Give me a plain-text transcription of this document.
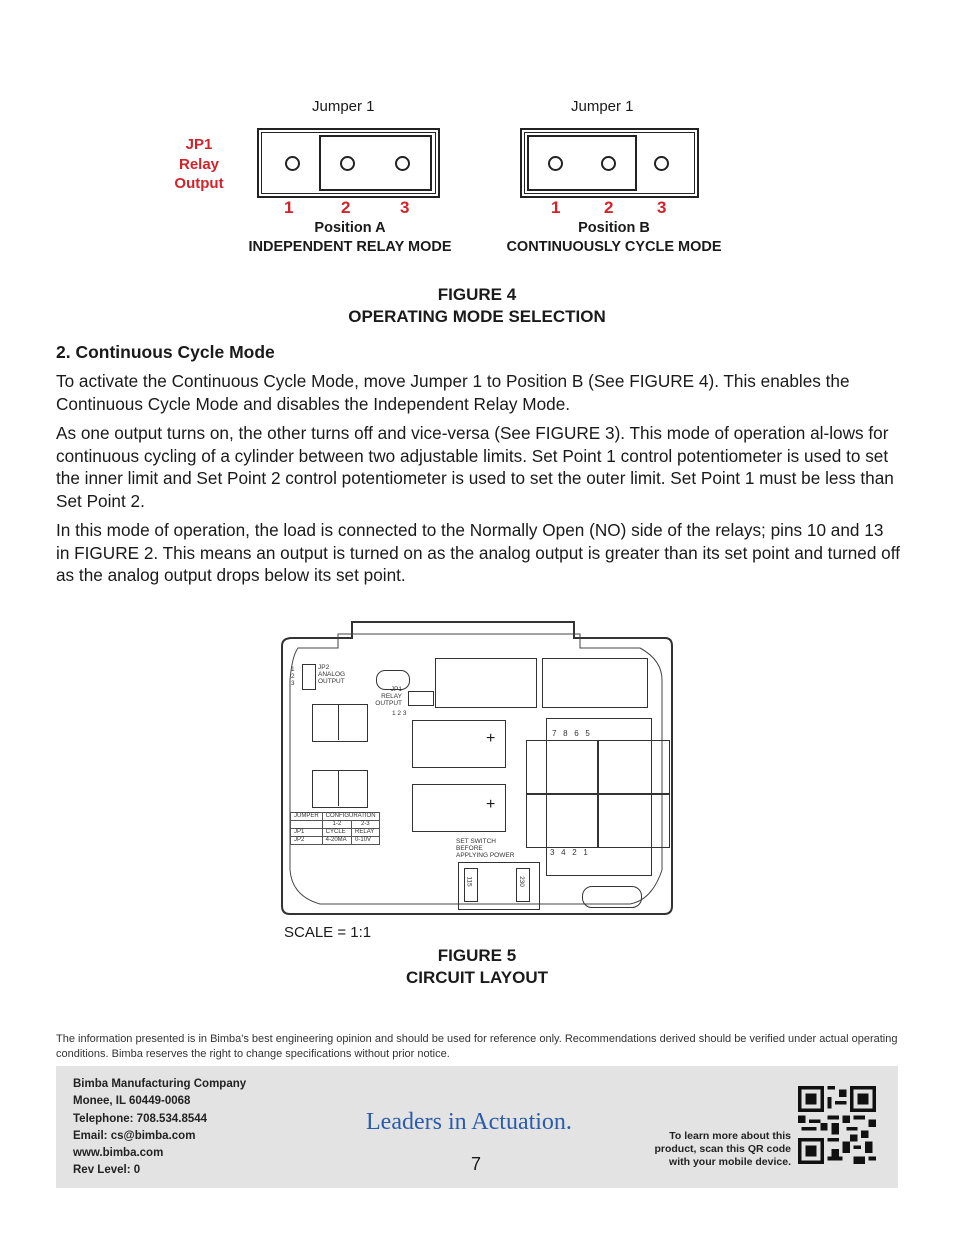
JP1
Relay
Output
Jumper 1
1	2	3
Position A
INDEPENDENT RELAY MODE
Jumper 1
1	2	3
Position B
CONTINUOUSLY CYCLE MODE
FIGURE 4
OPERATING MODE SELECTION
2. Continuous Cycle Mode
To activate the Continuous Cycle Mode, move Jumper 1 to Position B (See FIGURE 4). This enables the Continuous Cycle Mode and disables the Independent Relay Mode.
As one output turns on, the other turns off and vice-versa (See FIGURE 3). This mode of operation al-lows for continuous cycling of a cylinder between two adjustable limits. Set Point 1 control potentiometer is used to set the inner limit and Set Point 2 control potentiometer is used to set the outer limit. Set Point 1 must be less than Set Point 2.
In this mode of operation, the load is connected to the Normally Open (NO) side of the relays; pins 10 and 13 in FIGURE 2. This means an output is turned on as the analog output is greater than its set point and turned off as the analog output drops below its set point.
1 2 3
JP2
ANALOG
OUTPUT
JP1
RELAY
OUTPUT
1 2 3
+
+
7   8   6   5
3   4   2   1
JUMPER	CONFIGURATION	
	1-2	2-3
JP1	CYCLE	RELAY
JP2	4-20MA	0-10V	SET SWITCH
BEFORE
APPLYING POWER
115	230
SCALE = 1:1
FIGURE 5
CIRCUIT LAYOUT
The information presented is in Bimba's best engineering opinion and should be used for reference only. Recommendations derived should be verified under actual operating conditions. Bimba reserves the right to change specifications without prior notice.
Bimba Manufacturing Company
Monee, IL 60449-0068
Telephone: 708.534.8544
Email: cs@bimba.com
www.bimba.com
Rev Level: 0
Leaders in Actuation.
7
To learn more about this
product, scan this QR code
with your mobile device.
